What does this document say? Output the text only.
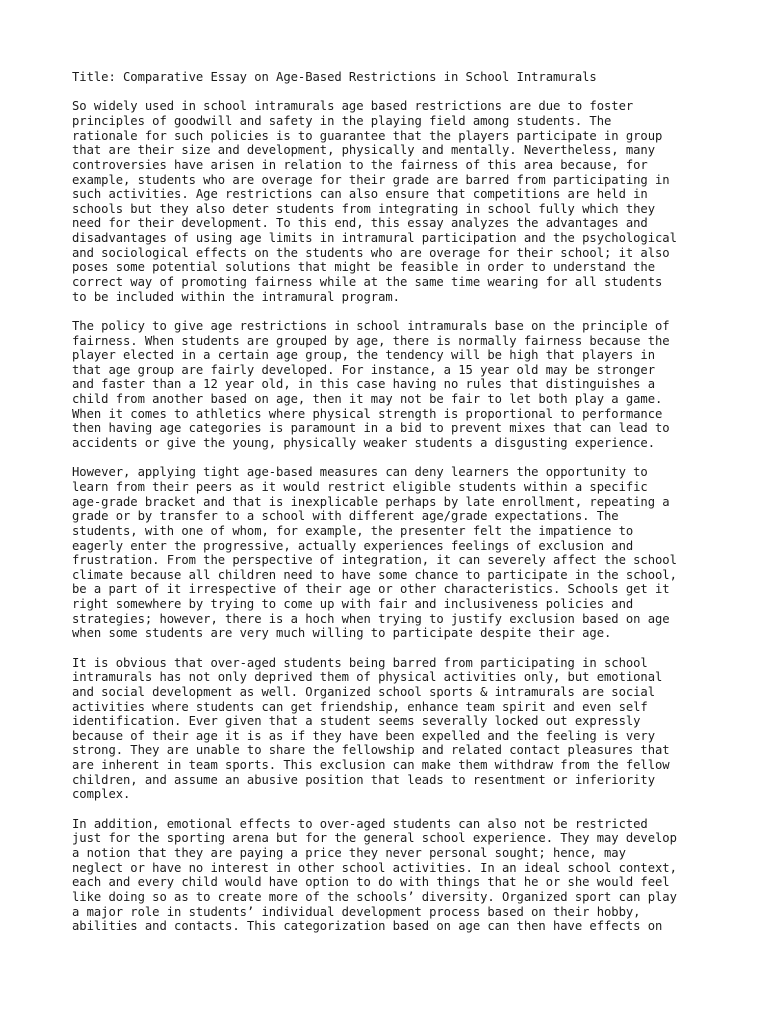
Title: Comparative Essay on Age-Based Restrictions in School Intramurals
So widely used in school intramurals age based restrictions are due to foster
principles of goodwill and safety in the playing field among students. The
rationale for such policies is to guarantee that the players participate in group
that are their size and development, physically and mentally. Nevertheless, many
controversies have arisen in relation to the fairness of this area because, for
example, students who are overage for their grade are barred from participating in
such activities. Age restrictions can also ensure that competitions are held in
schools but they also deter students from integrating in school fully which they
need for their development. To this end, this essay analyzes the advantages and
disadvantages of using age limits in intramural participation and the psychological
and sociological effects on the students who are overage for their school; it also
poses some potential solutions that might be feasible in order to understand the
correct way of promoting fairness while at the same time wearing for all students
to be included within the intramural program.
The policy to give age restrictions in school intramurals base on the principle of
fairness. When students are grouped by age, there is normally fairness because the
player elected in a certain age group, the tendency will be high that players in
that age group are fairly developed. For instance, a 15 year old may be stronger
and faster than a 12 year old, in this case having no rules that distinguishes a
child from another based on age, then it may not be fair to let both play a game.
When it comes to athletics where physical strength is proportional to performance
then having age categories is paramount in a bid to prevent mixes that can lead to
accidents or give the young, physically weaker students a disgusting experience.
However, applying tight age-based measures can deny learners the opportunity to
learn from their peers as it would restrict eligible students within a specific
age-grade bracket and that is inexplicable perhaps by late enrollment, repeating a
grade or by transfer to a school with different age/grade expectations. The
students, with one of whom, for example, the presenter felt the impatience to
eagerly enter the progressive, actually experiences feelings of exclusion and
frustration. From the perspective of integration, it can severely affect the school
climate because all children need to have some chance to participate in the school,
be a part of it irrespective of their age or other characteristics. Schools get it
right somewhere by trying to come up with fair and inclusiveness policies and
strategies; however, there is a hoch when trying to justify exclusion based on age
when some students are very much willing to participate despite their age.
It is obvious that over-aged students being barred from participating in school
intramurals has not only deprived them of physical activities only, but emotional
and social development as well. Organized school sports & intramurals are social
activities where students can get friendship, enhance team spirit and even self
identification. Ever given that a student seems severally locked out expressly
because of their age it is as if they have been expelled and the feeling is very
strong. They are unable to share the fellowship and related contact pleasures that
are inherent in team sports. This exclusion can make them withdraw from the fellow
children, and assume an abusive position that leads to resentment or inferiority
complex.
In addition, emotional effects to over-aged students can also not be restricted
just for the sporting arena but for the general school experience. They may develop
a notion that they are paying a price they never personal sought; hence, may
neglect or have no interest in other school activities. In an ideal school context,
each and every child would have option to do with things that he or she would feel
like doing so as to create more of the schools’ diversity. Organized sport can play
a major role in students’ individual development process based on their hobby,
abilities and contacts. This categorization based on age can then have effects on
